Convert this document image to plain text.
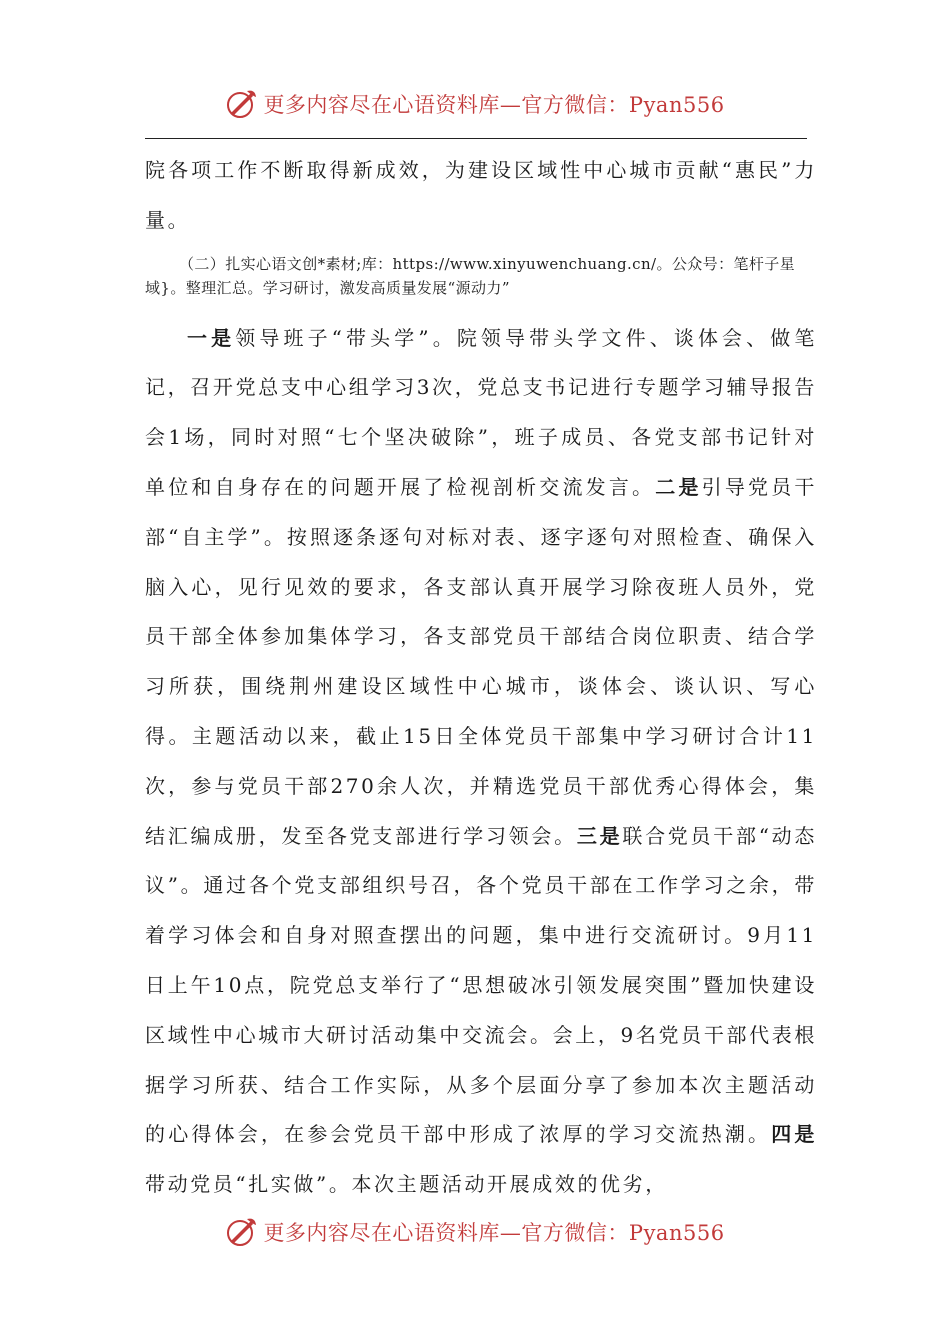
更多内容尽在心语资料库—官方微信：Pyan556

院各项工作不断取得新成效，为建设区域性中心城市贡献“惠民”力量。

（二）扎实心语文创*素材;库：https://www.xinyuwenchuang.cn/。公众号：笔杆子星域}。整理汇总。学习研讨，激发高质量发展“源动力”

一是领导班子“带头学”。院领导带头学文件、谈体会、做笔记，召开党总支中心组学习3次，党总支书记进行专题学习辅导报告会1场，同时对照“七个坚决破除”，班子成员、各党支部书记针对单位和自身存在的问题开展了检视剖析交流发言。二是引导党员干部“自主学”。按照逐条逐句对标对表、逐字逐句对照检查、确保入脑入心，见行见效的要求，各支部认真开展学习除夜班人员外，党员干部全体参加集体学习，各支部党员干部结合岗位职责、结合学习所获，围绕荆州建设区域性中心城市，谈体会、谈认识、写心得。主题活动以来，截止15日全体党员干部集中学习研讨合计11次，参与党员干部270余人次，并精选党员干部优秀心得体会，集结汇编成册，发至各党支部进行学习领会。三是联合党员干部“动态议”。通过各个党支部组织号召，各个党员干部在工作学习之余，带着学习体会和自身对照查摆出的问题，集中进行交流研讨。9月11日上午10点，院党总支举行了“思想破冰引领发展突围”暨加快建设区域性中心城市大研讨活动集中交流会。会上，9名党员干部代表根据学习所获、结合工作实际，从多个层面分享了参加本次主题活动的心得体会，在参会党员干部中形成了浓厚的学习交流热潮。四是带动党员“扎实做”。本次主题活动开展成效的优劣，

更多内容尽在心语资料库—官方微信：Pyan556
